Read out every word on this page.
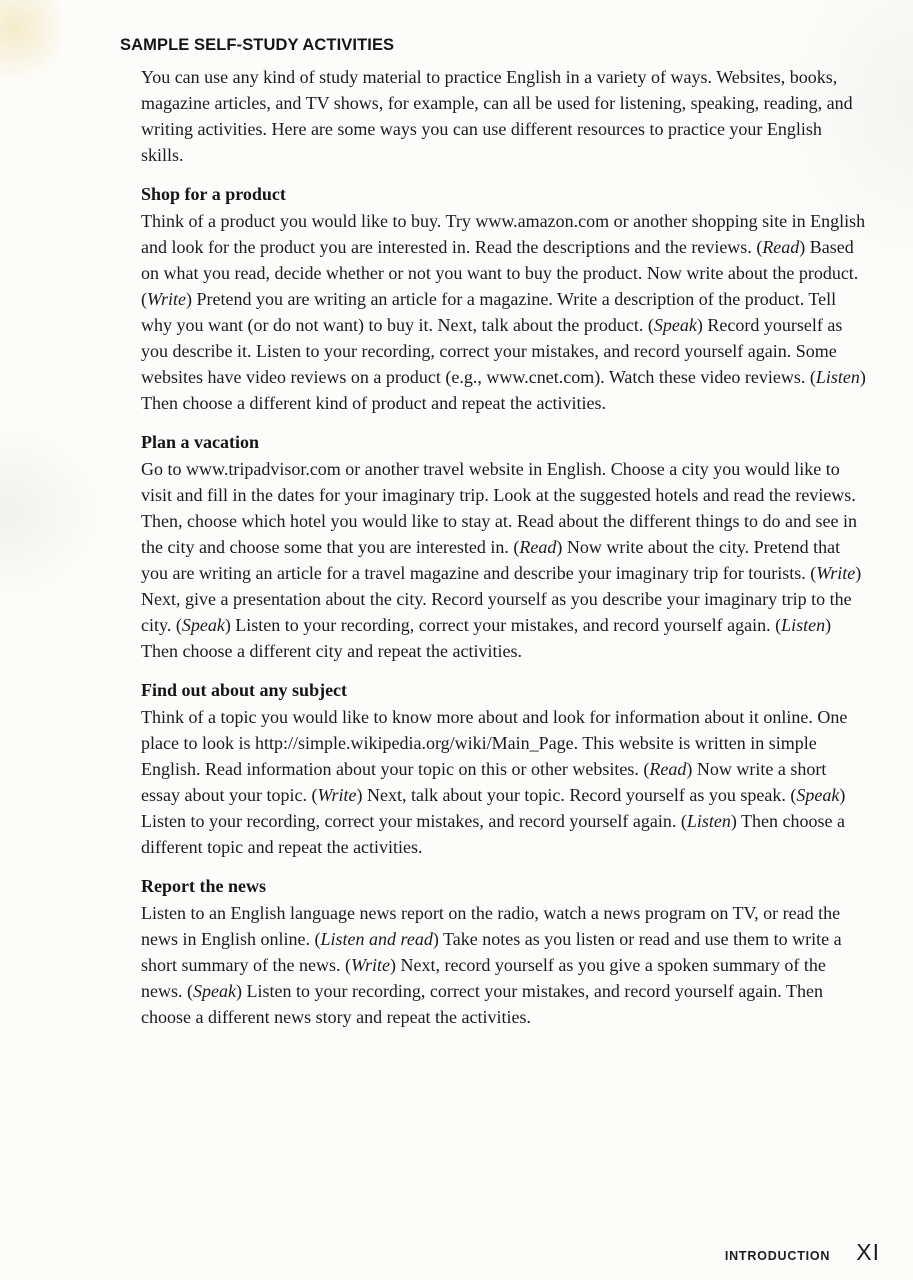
SAMPLE SELF-STUDY ACTIVITIES

You can use any kind of study material to practice English in a variety of ways. Websites, books, magazine articles, and TV shows, for example, can all be used for listening, speaking, reading, and writing activities. Here are some ways you can use different resources to practice your English skills.

Shop for a product

Think of a product you would like to buy. Try www.amazon.com or another shopping site in English and look for the product you are interested in. Read the descriptions and the reviews. (Read) Based on what you read, decide whether or not you want to buy the product. Now write about the product. (Write) Pretend you are writing an article for a magazine. Write a description of the product. Tell why you want (or do not want) to buy it. Next, talk about the product. (Speak) Record yourself as you describe it. Listen to your recording, correct your mistakes, and record yourself again. Some websites have video reviews on a product (e.g., www.cnet.com). Watch these video reviews. (Listen) Then choose a different kind of product and repeat the activities.

Plan a vacation

Go to www.tripadvisor.com or another travel website in English. Choose a city you would like to visit and fill in the dates for your imaginary trip. Look at the suggested hotels and read the reviews. Then, choose which hotel you would like to stay at. Read about the different things to do and see in the city and choose some that you are interested in. (Read) Now write about the city. Pretend that you are writing an article for a travel magazine and describe your imaginary trip for tourists. (Write) Next, give a presentation about the city. Record yourself as you describe your imaginary trip to the city. (Speak) Listen to your recording, correct your mistakes, and record yourself again. (Listen) Then choose a different city and repeat the activities.

Find out about any subject

Think of a topic you would like to know more about and look for information about it online. One place to look is http://simple.wikipedia.org/wiki/Main_Page. This website is written in simple English. Read information about your topic on this or other websites. (Read) Now write a short essay about your topic. (Write) Next, talk about your topic. Record yourself as you speak. (Speak) Listen to your recording, correct your mistakes, and record yourself again. (Listen) Then choose a different topic and repeat the activities.

Report the news

Listen to an English language news report on the radio, watch a news program on TV, or read the news in English online. (Listen and read) Take notes as you listen or read and use them to write a short summary of the news. (Write) Next, record yourself as you give a spoken summary of the news. (Speak) Listen to your recording, correct your mistakes, and record yourself again. Then choose a different news story and repeat the activities.

INTRODUCTION XI
